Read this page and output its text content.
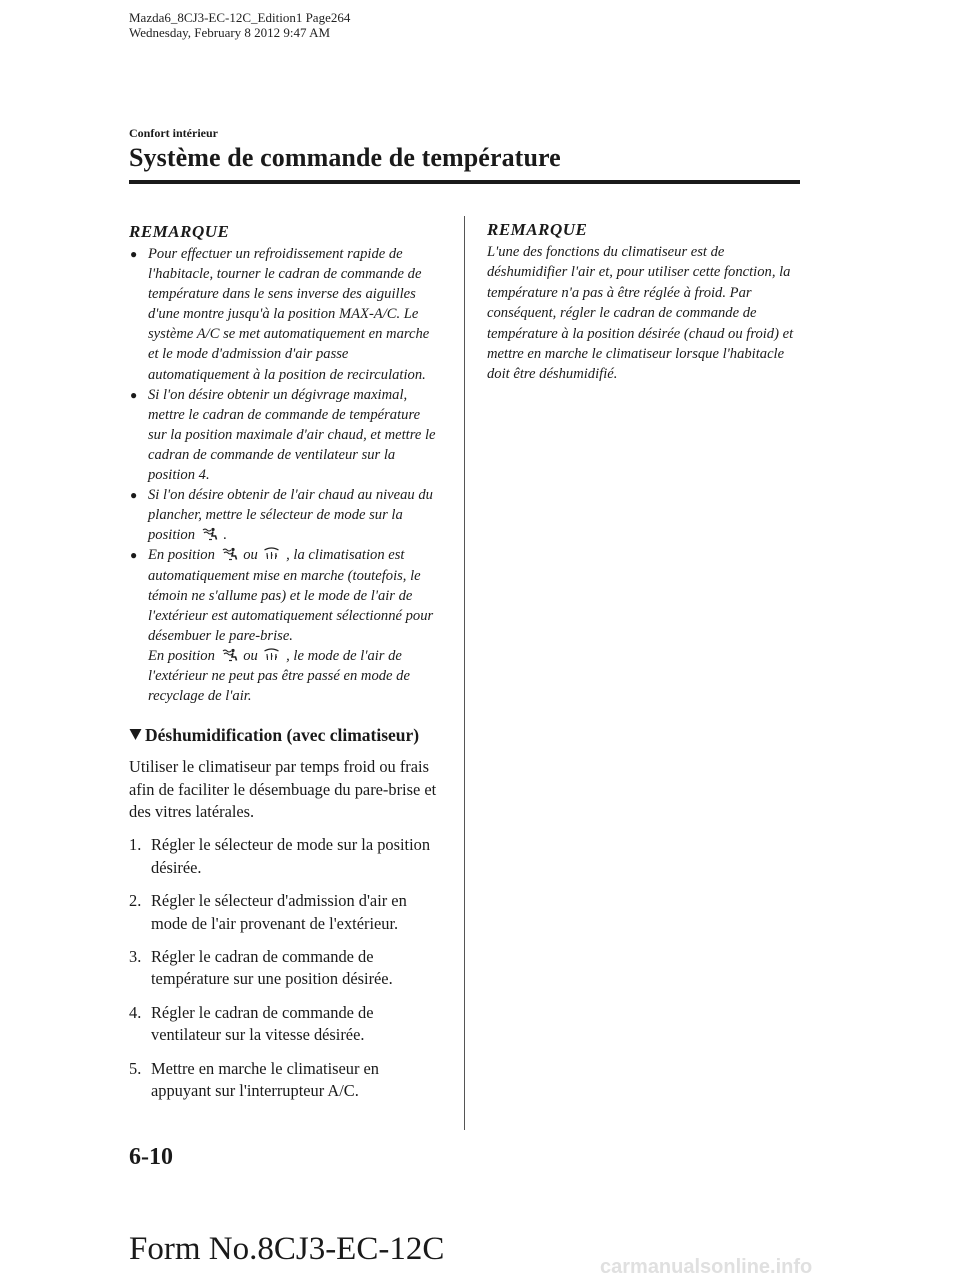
Mazda6_8CJ3-EC-12C_Edition1 Page264
Wednesday, February 8 2012 9:47 AM
Confort intérieur
Système de commande de température
REMARQUE
● Pour effectuer un refroidissement rapide de l'habitacle, tourner le cadran de commande de température dans le sens inverse des aiguilles d'une montre jusqu'à la position MAX-A/C. Le système A/C se met automatiquement en marche et le mode d'admission d'air passe automatiquement à la position de recirculation.
● Si l'on désire obtenir un dégivrage maximal, mettre le cadran de commande de température sur la position maximale d'air chaud, et mettre le cadran de commande de ventilateur sur la position 4.
● Si l'on désire obtenir de l'air chaud au niveau du plancher, mettre le sélecteur de mode sur la position .
● En position ou , la climatisation est automatiquement mise en marche (toutefois, le témoin ne s'allume pas) et le mode de l'air de l'extérieur est automatiquement sélectionné pour désembuer le pare-brise.
En position ou , le mode de l'air de l'extérieur ne peut pas être passé en mode de recyclage de l'air.
Déshumidification (avec climatiseur)

Utiliser le climatiseur par temps froid ou frais afin de faciliter le désembuage du pare-brise et des vitres latérales.

1. Régler le sélecteur de mode sur la position désirée.
2. Régler le sélecteur d'admission d'air en mode de l'air provenant de l'extérieur.
3. Régler le cadran de commande de température sur une position désirée.
4. Régler le cadran de commande de ventilateur sur la vitesse désirée.
5. Mettre en marche le climatiseur en appuyant sur l'interrupteur A/C.
REMARQUE

L'une des fonctions du climatiseur est de déshumidifier l'air et, pour utiliser cette fonction, la température n'a pas à être réglée à froid. Par conséquent, régler le cadran de commande de température à la position désirée (chaud ou froid) et mettre en marche le climatiseur lorsque l'habitacle doit être déshumidifié.

6-10
Form No.8CJ3-EC-12C	carmanualsonline.info
